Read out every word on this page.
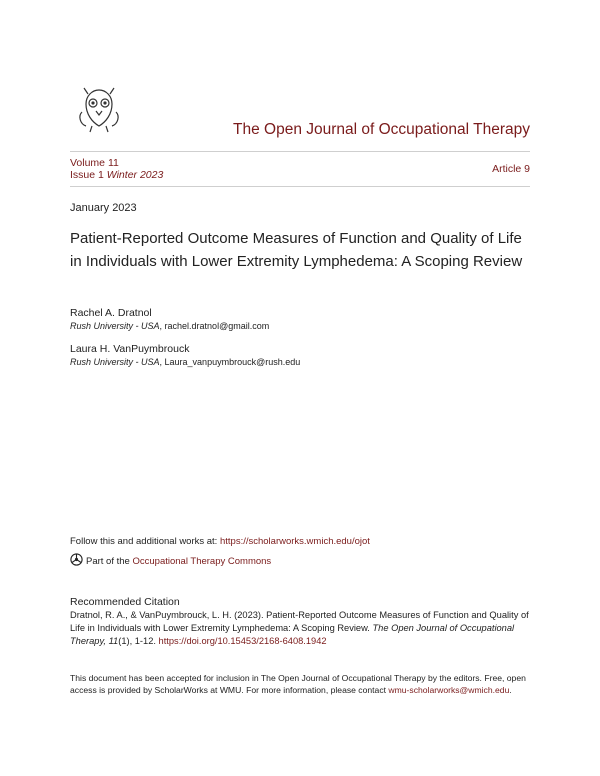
The Open Journal of Occupational Therapy
Volume 11
Issue 1 Winter 2023	Article 9
January 2023
Patient-Reported Outcome Measures of Function and Quality of Life in Individuals with Lower Extremity Lymphedema: A Scoping Review
Rachel A. Dratnol
Rush University - USA, rachel.dratnol@gmail.com
Laura H. VanPuymbrouck
Rush University - USA, Laura_vanpuymbrouck@rush.edu
Follow this and additional works at: https://scholarworks.wmich.edu/ojot
Part of the Occupational Therapy Commons
Recommended Citation
Dratnol, R. A., & VanPuymbrouck, L. H. (2023). Patient-Reported Outcome Measures of Function and Quality of Life in Individuals with Lower Extremity Lymphedema: A Scoping Review. The Open Journal of Occupational Therapy, 11(1), 1-12. https://doi.org/10.15453/2168-6408.1942
This document has been accepted for inclusion in The Open Journal of Occupational Therapy by the editors. Free, open access is provided by ScholarWorks at WMU. For more information, please contact wmu-scholarworks@wmich.edu.
